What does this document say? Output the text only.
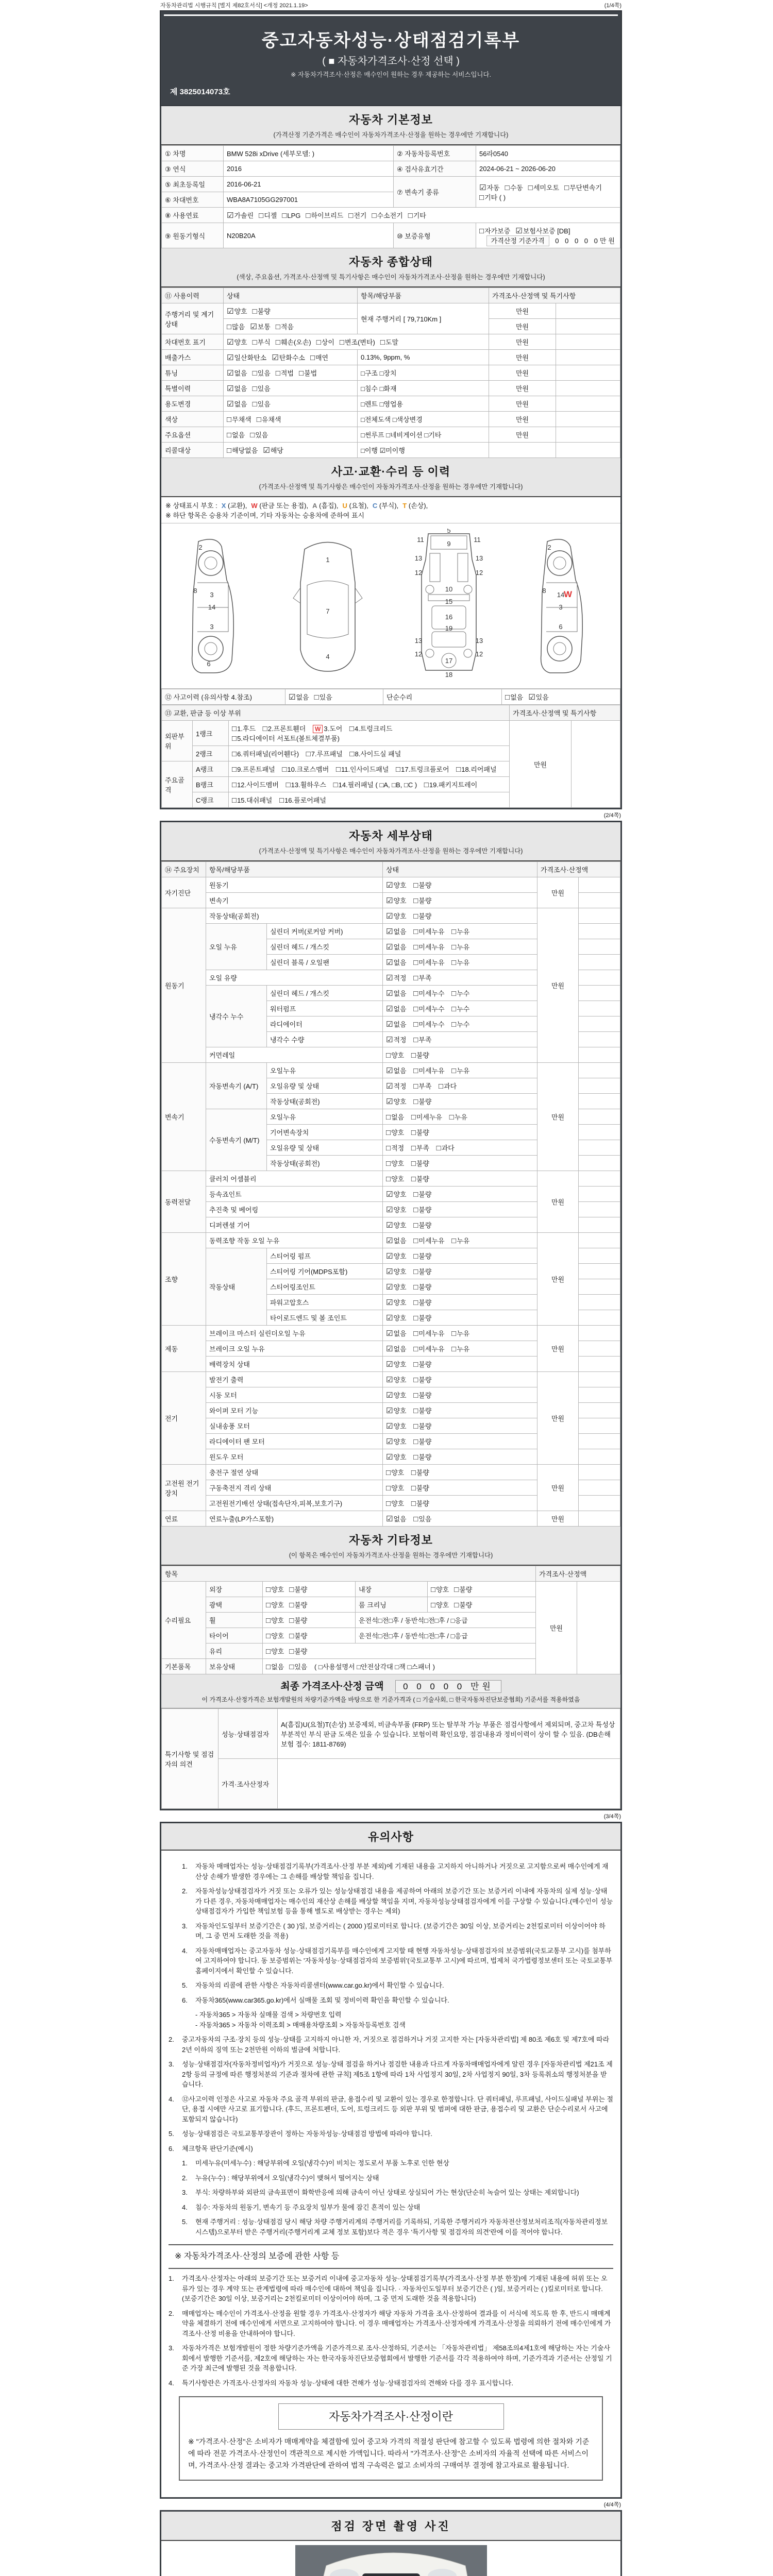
자동차관리법 시행규칙 [별지 제82호서식] <개정 2021.1.19>	(1/4쪽)
중고자동차성능·상태점검기록부
( ■ 자동차가격조사·산정 선택 )
※ 자동차가격조사·산정은 매수인이 원하는 경우 제공하는 서비스입니다.
제 3825014073호
자동차 기본정보
(가격산정 기준가격은 매수인이 자동차가격조사·산정을 원하는 경우에만 기재합니다)
① 차명	BMW 528i xDrive (세부모델: )	② 자동차등록번호	56라0540
③ 연식	2016	④ 검사유효기간	2024-06-21 ~ 2026-06-20
⑤ 최초등록일	2016-06-21	⑦ 변속기 종류	☑자동 □수동 □세미오토 □무단변속기□기타 ( )
⑥ 차대번호	WBA8A7105GG297001		
⑧ 사용연료	☑가솔린 □디젤 □LPG □하이브리드 □전기 □수소전기 □기타		
⑨ 원동기형식	N20B20A	⑩ 보증유형	□자가보증 ☑보험사보증 [DB]
가격산정 기준가격 0 0 0 0 0만원
자동차 종합상태
(색상, 주요옵션, 가격조사·산정액 및 특기사항은 매수인이 자동차가격조사·산정을 원하는 경우에만 기재합니다)
⑪ 사용이력	상태	항목/해당부품	가격조사·산정액 및 특기사항	
주행거리 및 계기상태	☑양호 □불량	현재 주행거리 [ 79,710Km ]	만원	
	□많음 ☑보통 □적음		만원	
차대번호 표기	☑양호 □부식 □훼손(오손) □상이 □변조(변타) □도말		만원	
배출가스	☑일산화탄소 ☑탄화수소 □매연	0.13%, 9ppm, %	만원	
튜닝	☑없음 □있음 □적법 □불법	□구조 □장치	만원	
특별이력	☑없음 □있음	□침수 □화재	만원	
용도변경	☑없음 □있음	□렌트 □영업용	만원	
색상	□무채색 □유채색	□전체도색 □색상변경	만원	
주요옵션	□없음 □있음	□썬루프 □네비게이션 □기타	만원	
리콜대상	□해당없음 ☑해당	□이행 ☑미이행		
사고·교환·수리 등 이력
(가격조사·산정액 및 특기사항은 매수인이 자동차가격조사·산정을 원하는 경우에만 기재합니다)
※ 상태표시 부호 : X (교환), W (판금 또는 용접), A (흠집), U (요철), C (부식), T (손상),
※ 하단 항목은 승용차 기준이며, 기타 자동차는 승용차에 준하여 표시
2
8
3
14
3
6
1
7
4
5
9
11	11
13	13
12	12
10
15
16
19
13	13
12	12
17
18
2
8
14
3
6
W
⑫ 사고이력 (유의사항 4.참조)	☑없음 □있음	단순수리	□없음 ☑있음
⑬ 교환, 판금 등 이상 부위			가격조사·산정액 및 특기사항	
외판부위	1랭크	□1.후드 □2.프론트휀더 W 3.도어 □4.트렁크리드 □5.라디에이터 서포트(볼트체결부품)	만원	
	2랭크	□6.쿼터패널(리어휀다) □7.루프패널 □8.사이드실 패널		
주요골격	A랭크	□9.프론트패널 □10.크로스멤버 □11.인사이드패널 □17.트렁크플로어 □18.리어패널		
	B랭크	□12.사이드멤버 □13.휠하우스 □14.필러패널 ( □A, □B, □C ) □19.패키지트레이		
	C랭크	□15.대쉬패널 □16.플로어패널		
(2/4쪽)
자동차 세부상태
(가격조사·산정액 및 특기사항은 매수인이 자동차가격조사·산정을 원하는 경우에만 기재합니다)
⑭ 주요장치	항목/해당부품		상태	가격조사·산정액	
자기진단	원동기		☑양호 □불량	만원	
	변속기		☑양호 □불량		
원동기	작동상태(공회전)		☑양호 □불량	만원	
	오일 누유	실린더 커버(로커암 커버)	☑없음 □미세누유 □누유		
		실린더 헤드 / 개스킷	☑없음 □미세누유 □누유		
		실린더 블록 / 오일팬	☑없음 □미세누유 □누유		
	오일 유량		☑적정 □부족		
	냉각수 누수	실린더 헤드 / 개스킷	☑없음 □미세누수 □누수		
		워터펌프	☑없음 □미세누수 □누수		
		라디에이터	☑없음 □미세누수 □누수		
		냉각수 수량	☑적정 □부족		
	커먼레일		□양호 □불량		
변속기	자동변속기 (A/T)	오일누유	☑없음 □미세누유 □누유	만원	
		오일유량 및 상태	☑적정 □부족 □과다		
		작동상태(공회전)	☑양호 □불량		
	수동변속기 (M/T)	오일누유	□없음 □미세누유 □누유		
		기어변속장치	□양호 □불량		
		오일유량 및 상태	□적정 □부족 □과다		
		작동상태(공회전)	□양호 □불량		
동력전달	클러치 어셈블리		□양호 □불량	만원	
	등속죠인트		☑양호 □불량		
	추진축 및 베어링		☑양호 □불량		
	디퍼렌셜 기어		☑양호 □불량		
조향	동력조향 작동 오일 누유		☑없음 □미세누유 □누유	만원	
	작동상태	스티어링 펌프	☑양호 □불량		
		스티어링 기어(MDPS포함)	☑양호 □불량		
		스티어링조인트	☑양호 □불량		
		파워고압호스	☑양호 □불량		
		타이로드엔드 및 볼 조인트	☑양호 □불량		
제동	브레이크 마스터 실린더오일 누유		☑없음 □미세누유 □누유	만원	
	브레이크 오일 누유		☑없음 □미세누유 □누유		
	배력장치 상태		☑양호 □불량		
전기	발전기 출력		☑양호 □불량	만원	
	시동 모터		☑양호 □불량		
	와이퍼 모터 기능		☑양호 □불량		
	실내송풍 모터		☑양호 □불량		
	라디에이터 팬 모터		☑양호 □불량		
	윈도우 모터		☑양호 □불량		
고전원 전기장치	충전구 절연 상태		□양호 □불량	만원	
	구동축전지 격리 상태		□양호 □불량		
	고전원전기배선 상태(접속단자,피복,보호기구)		□양호 □불량		
연료	연료누출(LP가스포함)		☑없음 □있음	만원	
자동차 기타정보
(이 항목은 매수인이 자동차가격조사·산정을 원하는 경우에만 기재합니다)
항목					가격조사·산정액	
수리필요	외장	□양호 □불량	내장	□양호 □불량	만원	
	광택	□양호 □불량	룸 크리닝	□양호 □불량		
	휠	□양호 □불량	운전석□전□후 / 동반석□전□후 / □응급			
	타이어	□양호 □불량	운전석□전□후 / 동반석□전□후 / □응급			
	유리	□양호 □불량				
기본품목	보유상태	□없음 □있음 ( □사용설명서 □안전삼각대 □잭 □스패너 )				
최종 가격조사·산정 금액 0 0 0 0 0 만원
이 가격조사·산정가격은 보험개발원의 차량기준가액을 바탕으로 한 기준가격과 ( □ 기술사회, □ 한국자동차진단보증협회) 기준서를 적용하였음
특기사항 및 점검자의 의견	성능·상태점검자	A(흠집)U(요철)T(손상) 보증제외, 비금속부품 (FRP) 또는 탈부착 가능 부품은 점검사항에서 제외되며, 중고차 특성상 부분적인 부식 판금 도색은 있을 수 있습니다. 보험이력 확인요망, 점검내용과 정비이력이 상이 할 수 있음. (DB손해보험 접수: 1811-8769)
	가격·조사산정자	
(3/4쪽)
유의사항
1.	자동차 매매업자는 성능·상태점검기록부(가격조사·산정 부분 제외)에 기재된 내용을 고지하지 아니하거나 거짓으로 고지함으로써 매수인에게 재산상 손해가 발생한 경우에는 그 손해를 배상할 책임을 집니다.
2.	자동차성능상태점검자가 거짓 또는 오류가 있는 성능상태점검 내용을 제공하여 아래의 보증기간 또는 보증거리 이내에 자동차의 실제 성능·상태가 다른 경우, 자동차매매업자는 매수인의 재산상 손해를 배상할 책임을 지며, 자동차성능상태점검자에게 이를 구상할 수 있습니다.(매수인이 성능상태점검자가 가입한 책임보험 등을 통해 별도로 배상받는 경우는 제외)
3.	자동차인도일부터 보증기간은 ( 30 )일, 보증거리는 ( 2000 )킬로미터로 합니다. (보증기간은 30일 이상, 보증거리는 2천킬로미터 이상이어야 하며, 그 중 먼저 도래한 것을 적용)
4.	자동차매매업자는 중고자동차 성능·상태점검기록부를 매수인에게 고지할 때 현행 자동차성능·상태점검자의 보증범위(국토교통부 고시)를 첨부하여 고지하여야 합니다. 동 보증범위는 '자동차성능·상태점검자의 보증범위'(국토교통부 고시)에 따르며, 법제처 국가법령정보센터 또는 국토교통부 홈페이지에서 확인할 수 있습니다.
5.	자동차의 리콜에 관한 사항은 자동차리콜센터(www.car.go.kr)에서 확인할 수 있습니다.
6.	자동차365(www.car365.go.kr)에서 실매물 조회 및 정비이력 확인을 확인할 수 있습니다.
- 자동차365 > 자동차 실매물 검색 > 차량번호 입력
- 자동차365 > 자동차 이력조회 > 매매용차량조회 > 자동차등록번호 검색
2.	중고자동차의 구조·장치 등의 성능·상태를 고지하지 아니한 자, 거짓으로 점검하거나 거짓 고지한 자는 [자동차관리법] 제 80조 제6호 및 제7호에 따라 2년 이하의 징역 또는 2천만원 이하의 벌금에 처합니다.
3.	성능·상태점검자(자동차정비업자)가 거짓으로 성능·상태 점검을 하거나 점검한 내용과 다르게 자동차매매업자에게 알린 경우 [자동차관리법 제21조 제2항 등의 규정에 따른 행정처분의 기준과 절차에 관한 규칙] 제5조 1항에 따라 1차 사업정지 30일, 2차 사업정지 90일, 3차 등록취소의 행정처분을 받습니다.
4.	⑫사고이력 인정은 사고로 자동차 주요 골격 부위의 판금, 용접수리 및 교환이 있는 경우로 한정합니다. 단 쿼터패널, 루프패널, 사이드실패널 부위는 절단, 용접 시에만 사고로 표기합니다. (후드, 프론트펜더, 도어, 트렁크리드 등 외판 부위 및 범퍼에 대한 판금, 용접수리 및 교환은 단순수리로서 사고에 포함되지 않습니다)
5.	성능·상태점검은 국토교통부장관이 정하는 자동차성능·상태점검 방법에 따라야 합니다.
6.	체크항목 판단기준(예시)
1.	미세누유(미세누수) : 해당부위에 오일(냉각수)이 비치는 정도로서 부품 노후로 인한 현상
2.	누유(누수) : 해당부위에서 오일(냉각수)이 맺혀서 떨어지는 상태
3.	부식: 차량하부와 외판의 금속표면이 화학반응에 의해 금속이 아닌 상태로 상실되어 가는 현상(단순히 녹슬어 있는 상태는 제외합니다)
4.	침수: 자동차의 원동기, 변속기 등 주요장치 일부가 물에 잠긴 흔적이 있는 상태
5.	현재 주행거리 : 성능·상태점검 당시 해당 차량 주행거리계의 주행거리를 기록하되, 기록한 주행거리가 자동차전산정보처리조직(자동차관리정보시스템)으로부터 받은 주행거리(주행거리계 교체 정보 포함)보다 적은 경우 '특기사항 및 점검자의 의견'란에 이를 적어야 합니다.
※ 자동차가격조사·산정의 보증에 관한 사항 등
1.	가격조사·산정자는 아래의 보증기간 또는 보증거리 이내에 중고자동차 성능·상태점검기록부(가격조사·산정 부분 한정)에 기재된 내용에 허위 또는 오류가 있는 경우 계약 또는 관계법령에 따라 매수인에 대하여 책임을 집니다. · 자동차인도일부터 보증기간은 ( )일, 보증거리는 ( )킬로미터로 합니다. (보증기간은 30일 이상, 보증거리는 2천킬로미터 이상이어야 하며, 그 중 먼저 도래한 것을 적용합니다)
2.	매매업자는 매수인이 가격조사·산정을 원할 경우 가격조사·산정자가 해당 자동차 가격을 조사·산정하여 결과를 이 서식에 적도록 한 후, 반드시 매매계약을 체결하기 전에 매수인에게 서면으로 고지하여야 합니다. 이 경우 매매업자는 가격조사·산정자에게 가격조사·산정을 의뢰하기 전에 매수인에게 가격조사·산정 비용을 안내하여야 합니다.
3.	자동차가격은 보험개발원이 정한 차량기준가액을 기준가격으로 조사·산정하되, 기준서는 「자동차관리법」 제58조의4제1호에 해당하는 자는 기술사회에서 발행한 기준서를, 제2호에 해당하는 자는 한국자동차진단보증협회에서 발행한 기준서를 각각 적용하여야 하며, 기준가격과 기준서는 산정일 기준 가장 최근에 발행된 것을 적용합니다.
4.	특기사항란은 가격조사·산정자의 자동차 성능·상태에 대한 견해가 성능·상태점검자의 견해와 다를 경우 표시합니다.
자동차가격조사·산정이란
※ "가격조사·산정"은 소비자가 매매계약을 체결함에 있어 중고차 가격의 적절성 판단에 참고할 수 있도록 법령에 의한 절차와 기준에 따라 전문 가격조사·산정인이 객관적으로 제시한 가액입니다. 따라서 "가격조사·산정"은 소비자의 자율적 선택에 따른 서비스이며, 가격조사·산정 결과는 중고차 가격판단에 관하여 법적 구속력은 없고 소비자의 구매여부 결정에 참고자료로 활용됩니다.
(4/4쪽)
점검 장면 촬영 사진
